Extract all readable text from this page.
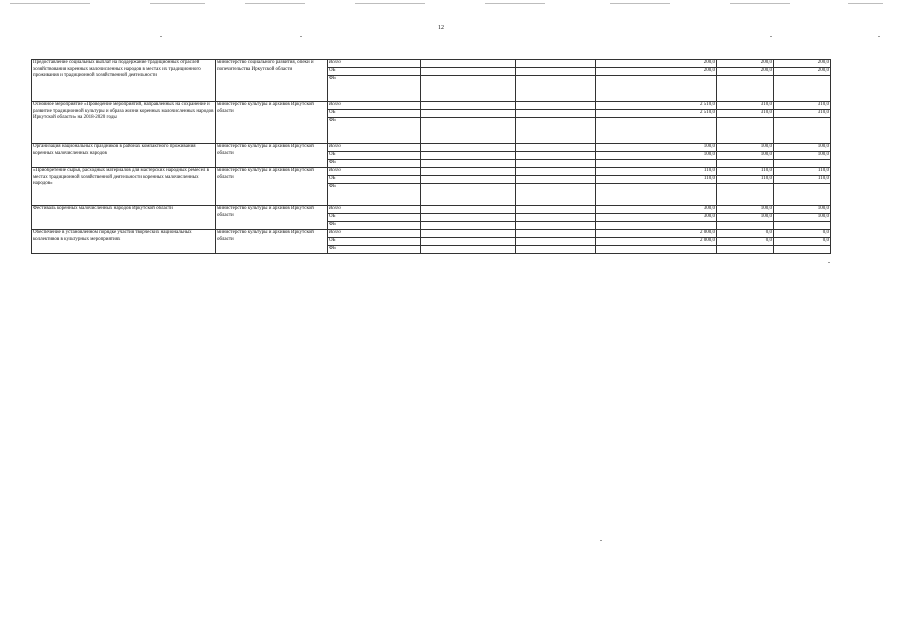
12
Предоставление социальных выплат на поддержание традиционных отраслей хозяйствования коренных малочисленных народов в местах их традиционного проживания и традиционной хозяйственной деятельности	министерство социального развития, опеки и попечительства Иркутской области	Всего			200,0	200,0	200,0
		ОБ			200,0	200,0	200,0
		ФБ					
Основное мероприятие «Проведение мероприятий, направленных на сохранение и развитие традиционной культуры и образа жизни коренных малочисленных народов Иркутской области» на 2018-2020 годы	министерство культуры и архивов Иркутской области	Всего			2 510,0	310,0	310,0
		ОБ			2 510,0	310,0	310,0
		ФБ					
Организация национальных праздников в районах компактного проживания коренных малочисленных народов	министерство культуры и архивов Иркутской области	Всего			100,0	100,0	100,0
		ОБ			100,0	100,0	100,0
		ФБ					
«Приобретение сырья, расходных материалов для мастерских народных ремесел в местах традиционной хозяйственной деятельности коренных малочисленных народов»	министерство культуры и архивов Иркутской области	Всего			110,0	110,0	110,0
		ОБ			110,0	110,0	110,0
		ФБ					
Фестиваль коренных малочисленных народов Иркутской области	министерство культуры и архивов Иркутской области	Всего			300,0	100,0	100,0
		ОБ			300,0	100,0	100,0
		ФБ					
Обеспечение в установленном порядке участия творческих национальных коллективов в культурных мероприятиях	министерство культуры и архивов Иркутской области	Всего			2 000,0	0,0	0,0
		ОБ			2 000,0	0,0	0,0
		ФБ					
